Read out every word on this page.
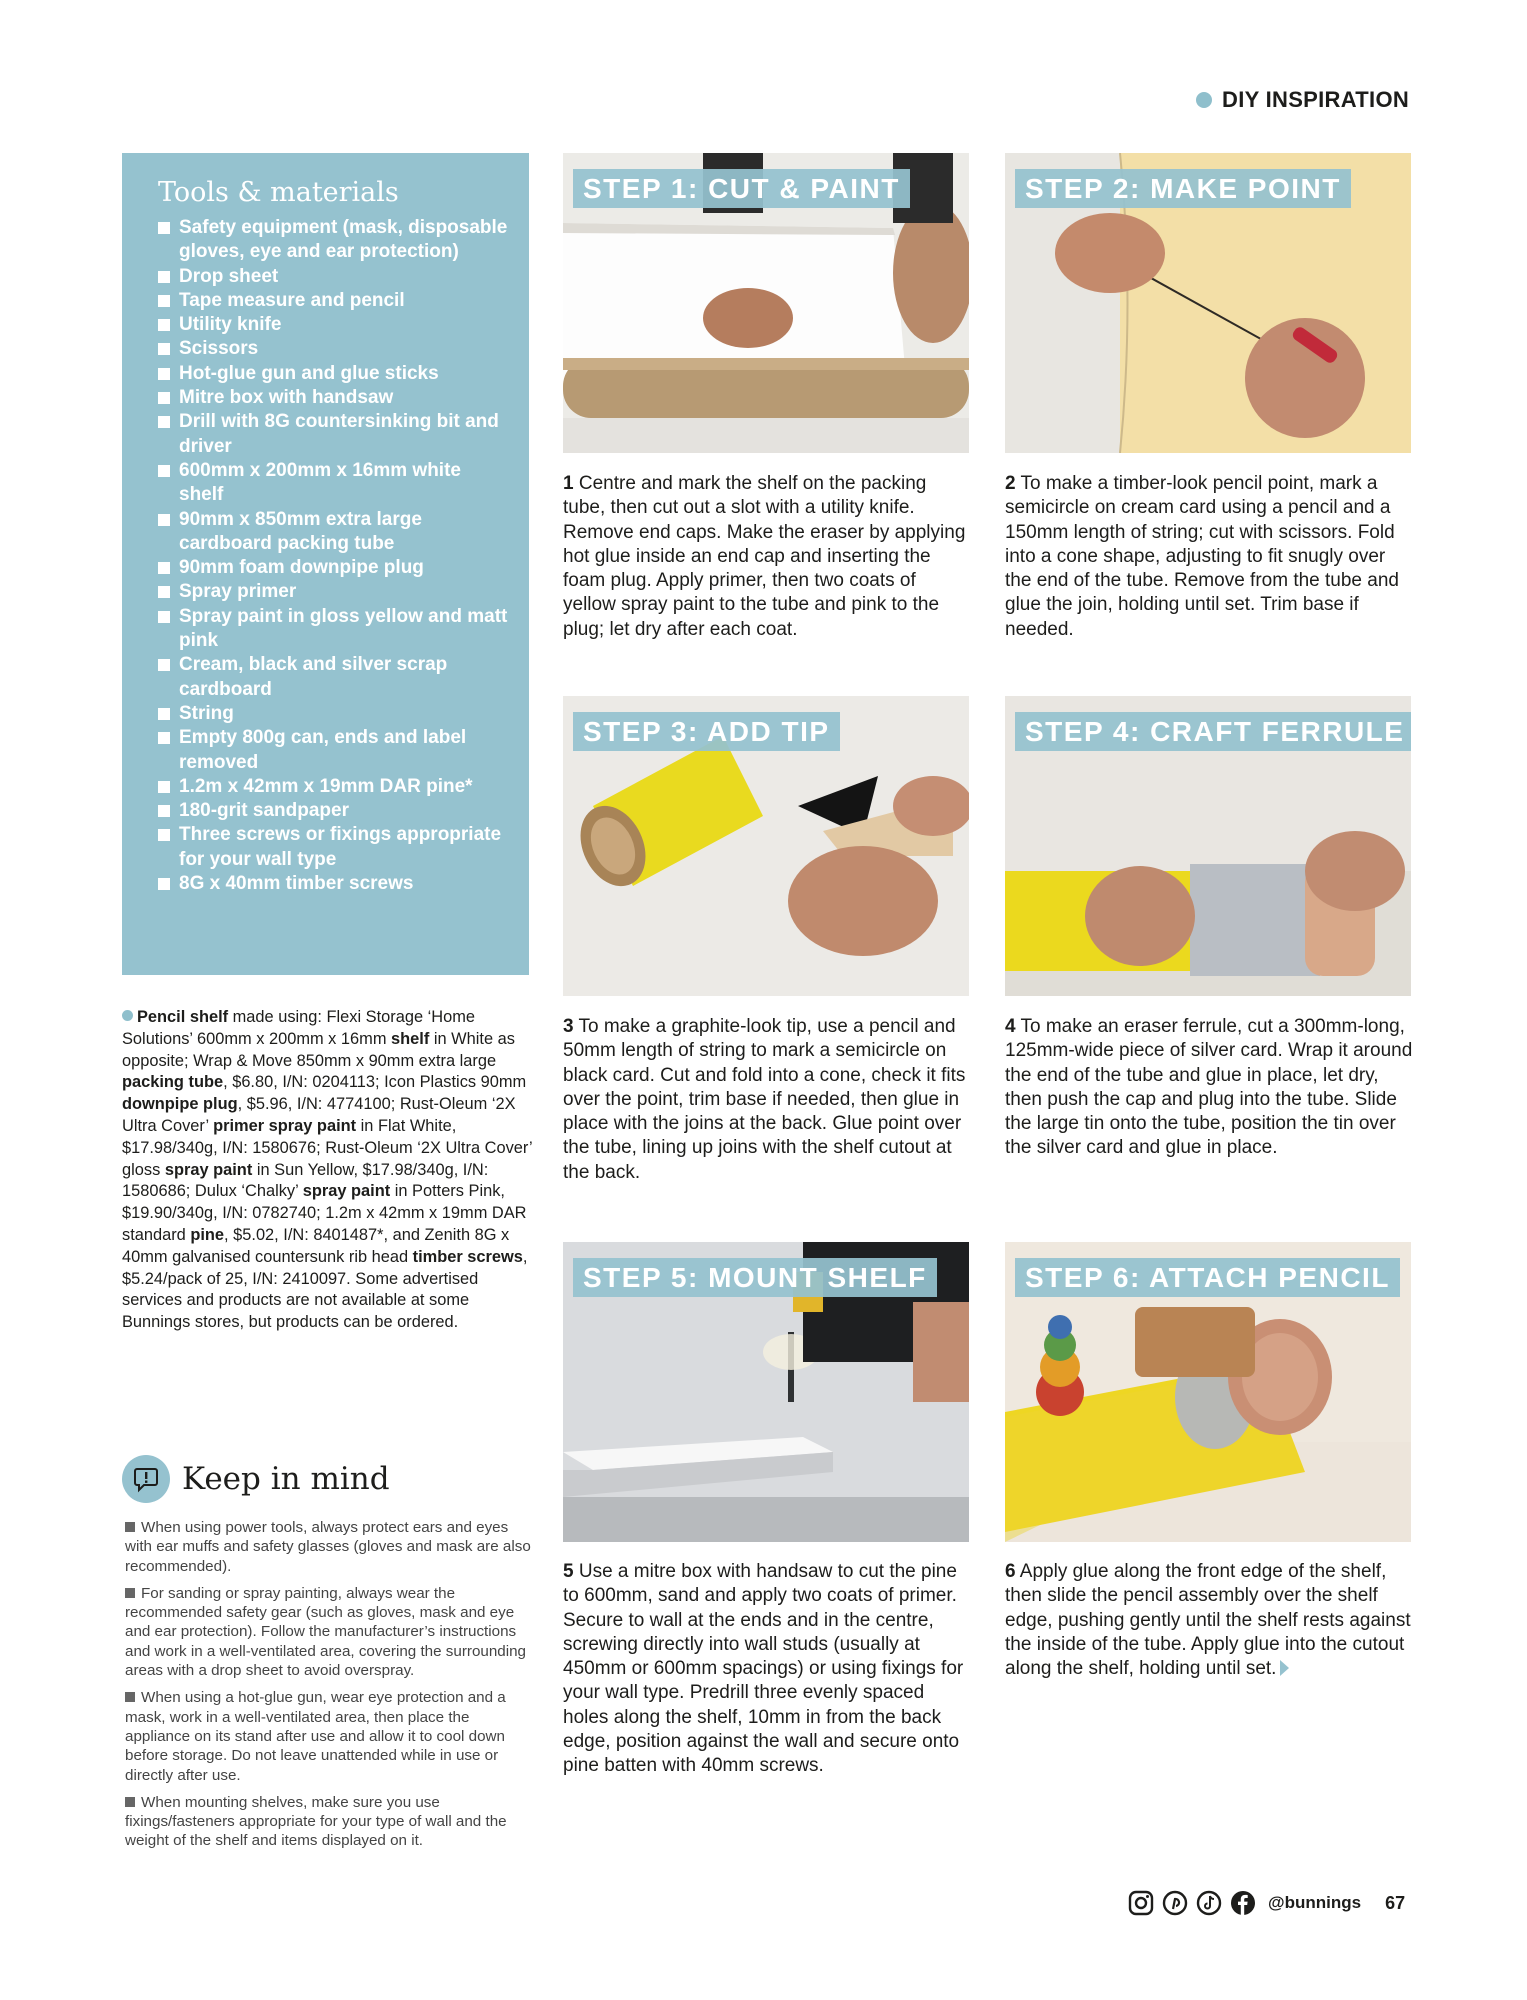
DIY INSPIRATION
Tools & materials
Safety equipment (mask, disposable gloves, eye and ear protection)
Drop sheet
Tape measure and pencil
Utility knife
Scissors
Hot-glue gun and glue sticks
Mitre box with handsaw
Drill with 8G countersinking bit and driver
600mm x 200mm x 16mm white shelf
90mm x 850mm extra large cardboard packing tube
90mm foam downpipe plug
Spray primer
Spray paint in gloss yellow and matt pink
Cream, black and silver scrap cardboard
String
Empty 800g can, ends and label removed
1.2m x 42mm x 19mm DAR pine*
180-grit sandpaper
Three screws or fixings appropriate for your wall type
8G x 40mm timber screws

Pencil shelf made using: Flexi Storage ‘Home Solutions’ 600mm x 200mm x 16mm shelf in White as opposite; Wrap & Move 850mm x 90mm extra large packing tube, $6.80, I/N: 0204113; Icon Plastics 90mm downpipe plug, $5.96, I/N: 4774100; Rust-Oleum ‘2X Ultra Cover’ primer spray paint in Flat White, $17.98/340g, I/N: 1580676; Rust-Oleum ‘2X Ultra Cover’ gloss spray paint in Sun Yellow, $17.98/340g, I/N: 1580686; Dulux ‘Chalky’ spray paint in Potters Pink, $19.90/340g, I/N: 0782740; 1.2m x 42mm x 19mm DAR standard pine, $5.02, I/N: 8401487*, and Zenith 8G x 40mm galvanised countersunk rib head timber screws, $5.24/pack of 25, I/N: 2410097. Some advertised services and products are not available at some Bunnings stores, but products can be ordered.

Keep in mind
When using power tools, always protect ears and eyes with ear muffs and safety glasses (gloves and mask are also recommended).
For sanding or spray painting, always wear the recommended safety gear (such as gloves, mask and eye and ear protection). Follow the manufacturer’s instructions and work in a well-ventilated area, covering the surrounding areas with a drop sheet to avoid overspray.
When using a hot-glue gun, wear eye protection and a mask, work in a well-ventilated area, then place the appliance on its stand after use and allow it to cool down before storage. Do not leave unattended while in use or directly after use.
When mounting shelves, make sure you use fixings/fasteners appropriate for your type of wall and the weight of the shelf and items displayed on it.
STEP 1: CUT & PAINT	STEP 2: MAKE POINT
STEP 3: ADD TIP	STEP 4: CRAFT FERRULE
STEP 5: MOUNT SHELF	STEP 6: ATTACH PENCIL

1 Centre and mark the shelf on the packing tube, then cut out a slot with a utility knife. Remove end caps. Make the eraser by applying hot glue inside an end cap and inserting the foam plug. Apply primer, then two coats of yellow spray paint to the tube and pink to the plug; let dry after each coat.

2 To make a timber-look pencil point, mark a semicircle on cream card using a pencil and a 150mm length of string; cut with scissors. Fold into a cone shape, adjusting to fit snugly over the end of the tube. Remove from the tube and glue the join, holding until set. Trim base if needed.

3 To make a graphite-look tip, use a pencil and 50mm length of string to mark a semicircle on black card. Cut and fold into a cone, check it fits over the point, trim base if needed, then glue in place with the joins at the back. Glue point over the tube, lining up joins with the shelf cutout at the back.

4 To make an eraser ferrule, cut a 300mm-long, 125mm-wide piece of silver card. Wrap it around the end of the tube and glue in place, let dry, then push the cap and plug into the tube. Slide the large tin onto the tube, position the tin over the silver card and glue in place.

5 Use a mitre box with handsaw to cut the pine to 600mm, sand and apply two coats of primer. Secure to wall at the ends and in the centre, screwing directly into wall studs (usually at 450mm or 600mm spacings) or using fixings for your wall type. Predrill three evenly spaced holes along the shelf, 10mm in from the back edge, position against the wall and secure onto pine batten with 40mm screws.

6 Apply glue along the front edge of the shelf, then slide the pencil assembly over the shelf edge, pushing gently until the shelf rests against the inside of the tube. Apply glue into the cutout along the shelf, holding until set.

@bunnings 67
